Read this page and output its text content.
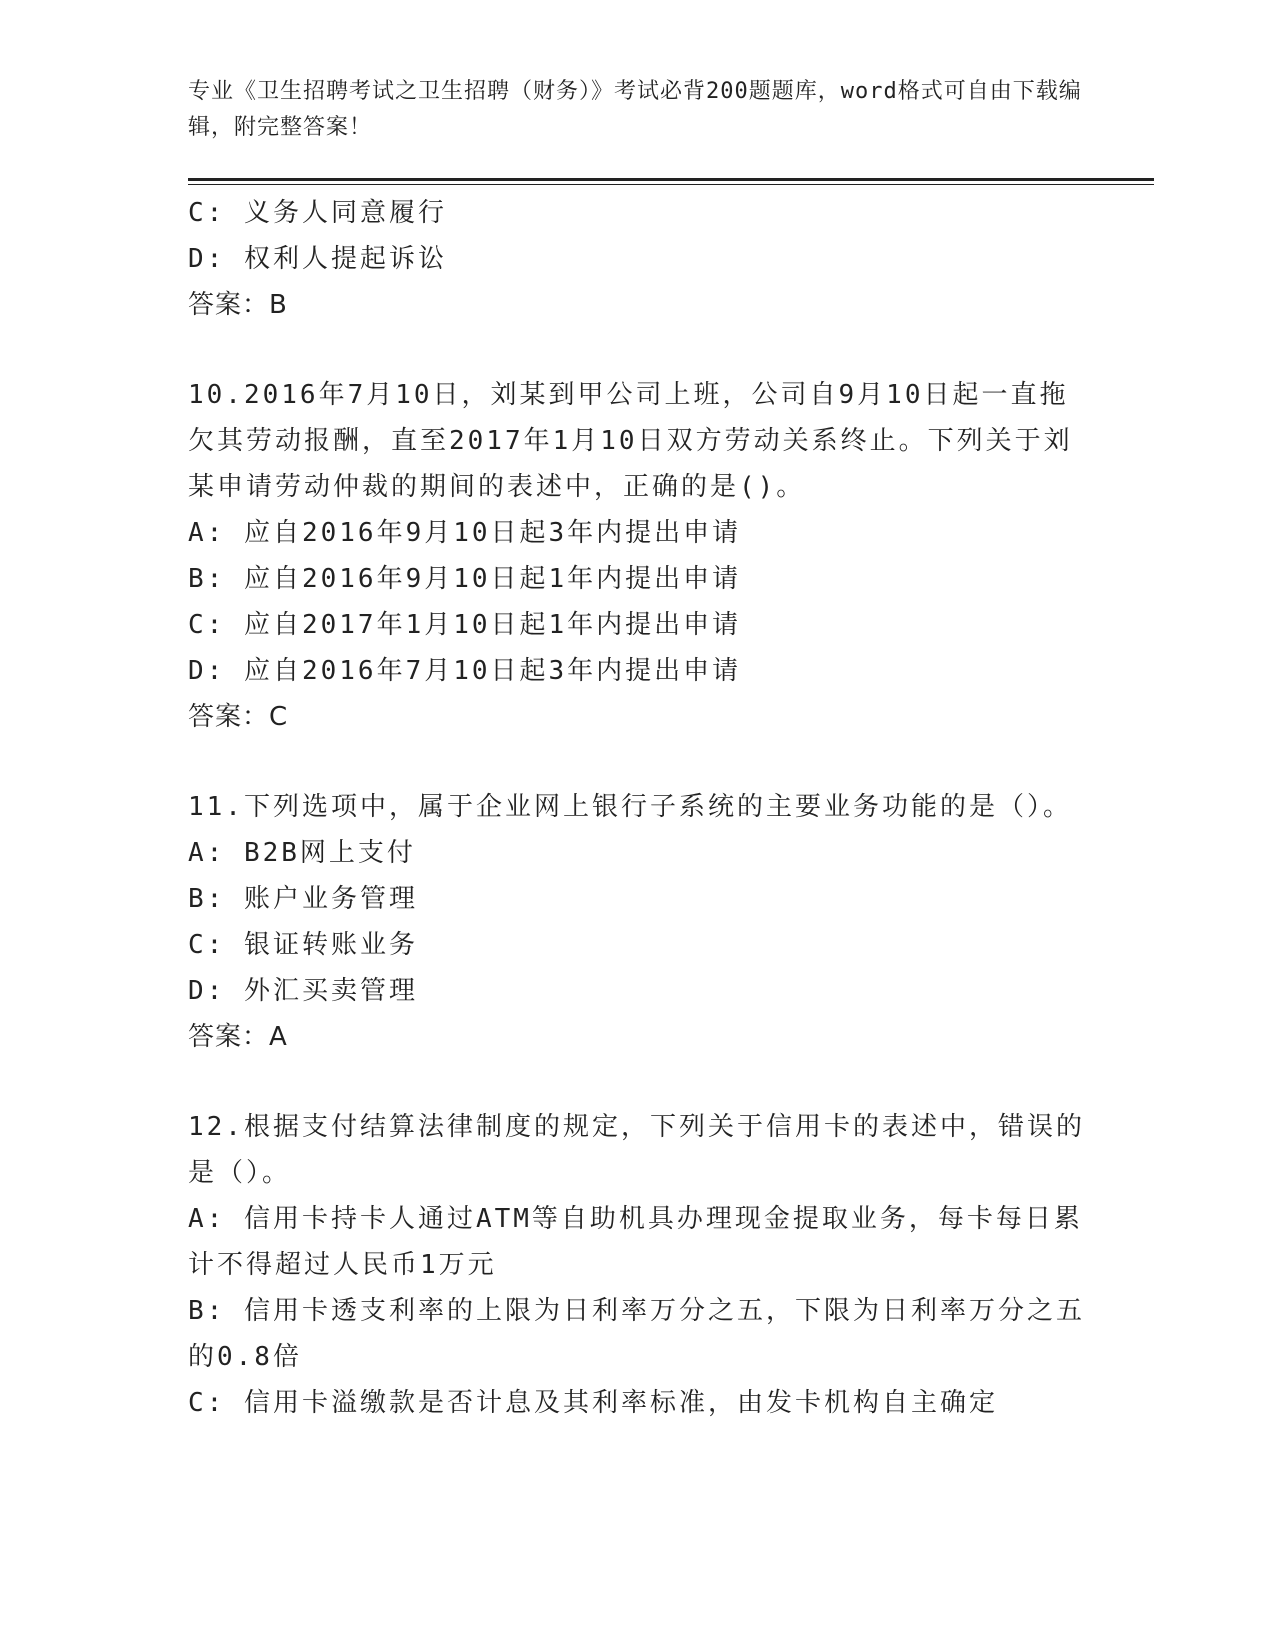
专业《卫生招聘考试之卫生招聘（财务）》考试必背200题题库，word格式可自由下载编辑，附完整答案！

C: 义务人同意履行

D: 权利人提起诉讼

答案：B

10.2016年7月10日，刘某到甲公司上班，公司自9月10日起一直拖欠其劳动报酬，直至2017年1月10日双方劳动关系终止。下列关于刘某申请劳动仲裁的期间的表述中，正确的是()。

A: 应自2016年9月10日起3年内提出申请

B: 应自2016年9月10日起1年内提出申请

C: 应自2017年1月10日起1年内提出申请

D: 应自2016年7月10日起3年内提出申请

答案：C

11.下列选项中，属于企业网上银行子系统的主要业务功能的是（）。

A: B2B网上支付

B: 账户业务管理

C: 银证转账业务

D: 外汇买卖管理

答案：A

12.根据支付结算法律制度的规定，下列关于信用卡的表述中，错误的是（）。

A: 信用卡持卡人通过ATM等自助机具办理现金提取业务，每卡每日累计不得超过人民币1万元

B: 信用卡透支利率的上限为日利率万分之五，下限为日利率万分之五的0.8倍

C: 信用卡溢缴款是否计息及其利率标准，由发卡机构自主确定
